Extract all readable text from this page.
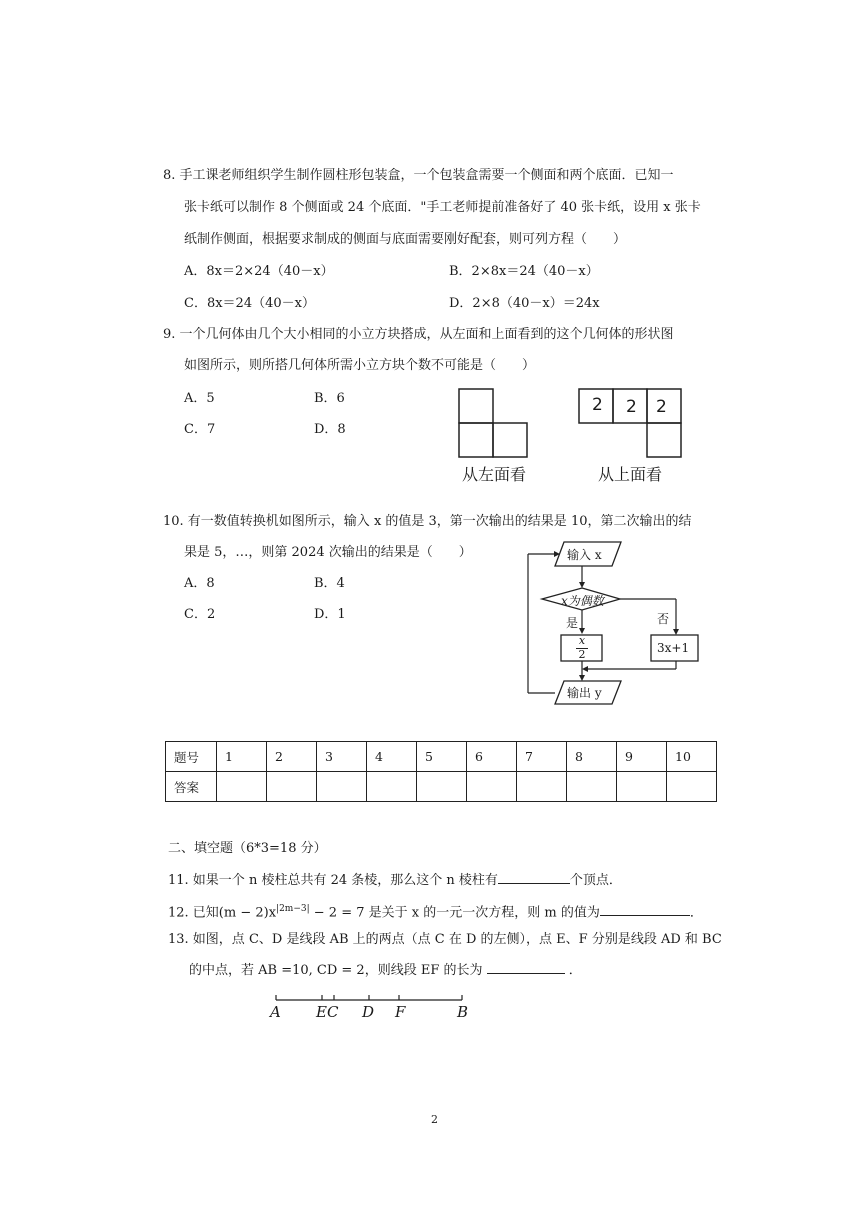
8. 手工课老师组织学生制作圆柱形包装盒，一个包装盒需要一个侧面和两个底面．已知一
张卡纸可以制作 8 个侧面或 24 个底面．"手工老师提前准备好了 40 张卡纸，设用 x 张卡
纸制作侧面，根据要求制成的侧面与底面需要刚好配套，则可列方程（　　）
A．8x＝2×24（40－x）	B．2×8x＝24（40－x）
C．8x＝24（40－x）	D．2×8（40－x）＝24x
9. 一个几何体由几个大小相同的小立方块搭成，从左面和上面看到的这个几何体的形状图
如图所示，则所搭几何体所需小立方块个数不可能是（　　）
A．5	B．6
C．7	D．8
从左面看
2 2 2
从上面看
10. 有一数值转换机如图所示，输入 x 的值是 3，第一次输出的结果是 10，第二次输出的结
果是 5，…，则第 2024 次输出的结果是（　　）
A．8	B．4
C．2	D．1
输入 x
x为偶数
是	否
x
2	3x+1
输出 y
题号	1	2	3	4	5	6	7	8	9	10
答案										
二、填空题（6*3=18 分）
11. 如果一个 n 棱柱总共有 24 条棱，那么这个 n 棱柱有	个顶点．
12. 已知$(m - 2)x^{|2m-3|} - 2 = 7$ 是关于 x 的一元一次方程，则 m 的值为	．
13. 如图，点 C、D 是线段 AB 上的两点（点 C 在 D 的左侧），点 E、F 分别是线段 AD 和 BC
的中点，若 AB =10, CD = 2，则线段 EF 的长为	．
A EC D F	B
2
